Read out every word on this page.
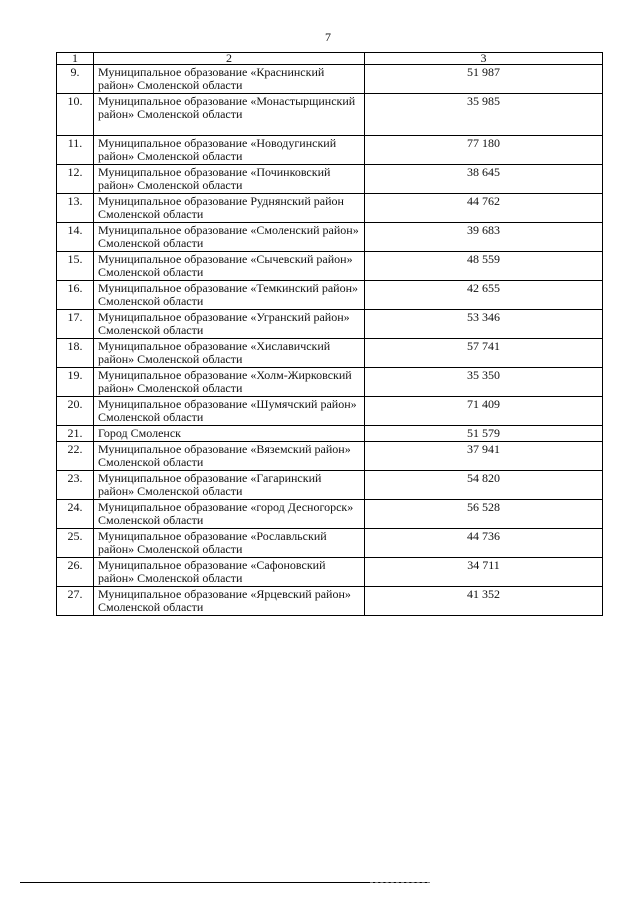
7
1	2	3
9.	Муниципальное образование «Краснинский район» Смоленской области	51 987
10.	Муниципальное образование «Монастырщинский район» Смоленской области	35 985
11.	Муниципальное образование «Новодугинский район» Смоленской области	77 180
12.	Муниципальное образование «Починковский район» Смоленской области	38 645
13.	Муниципальное образование Руднянский район Смоленской области	44 762
14.	Муниципальное образование «Смоленский район» Смоленской области	39 683
15.	Муниципальное образование «Сычевский район» Смоленской области	48 559
16.	Муниципальное образование «Темкинский район» Смоленской области	42 655
17.	Муниципальное образование «Угранский район» Смоленской области	53 346
18.	Муниципальное образование «Хиславичский район» Смоленской области	57 741
19.	Муниципальное образование «Холм-Жирковский район» Смоленской области	35 350
20.	Муниципальное образование «Шумячский район» Смоленской области	71 409
21.	Город Смоленск	51 579
22.	Муниципальное образование «Вяземский район» Смоленской области	37 941
23.	Муниципальное образование «Гагаринский район» Смоленской области	54 820
24.	Муниципальное образование «город Десногорск» Смоленской области	56 528
25.	Муниципальное образование «Рославльский район» Смоленской области	44 736
26.	Муниципальное образование «Сафоновский район» Смоленской области	34 711
27.	Муниципальное образование «Ярцевский район» Смоленской области	41 352
